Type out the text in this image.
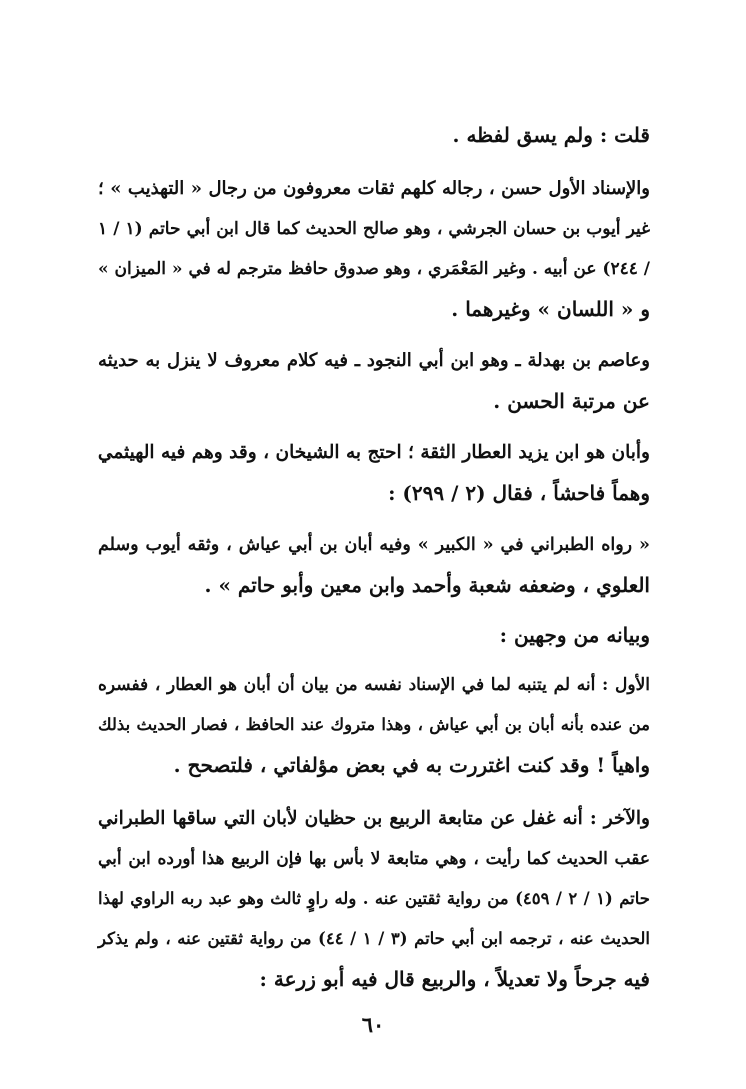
قلت : ولم يسق لفظه .
والإسناد الأول حسن ، رجاله كلهم ثقات معروفون من رجال « التهذيب » ؛
غير أيوب بن حسان الجرشي ، وهو صالح الحديث كما قال ابن أبي حاتم (١ / ١
/ ٢٤٤) عن أبيه . وغير المَعْمَري ، وهو صدوق حافظ مترجم له في « الميزان »
و « اللسان » وغيرهما .
وعاصم بن بهدلة ـ وهو ابن أبي النجود ـ فيه كلام معروف لا ينزل به حديثه
عن مرتبة الحسن .
وأبان هو ابن يزيد العطار الثقة ؛ احتج به الشيخان ، وقد وهم فيه الهيثمي
وهماً فاحشاً ، فقال (٢ / ٢٩٩) :
« رواه الطبراني في « الكبير » وفيه أبان بن أبي عياش ، وثقه أيوب وسلم
العلوي ، وضعفه شعبة وأحمد وابن معين وأبو حاتم » .
وبيانه من وجهين :
الأول : أنه لم يتنبه لما في الإسناد نفسه من بيان أن أبان هو العطار ، ففسره
من عنده بأنه أبان بن أبي عياش ، وهذا متروك عند الحافظ ، فصار الحديث بذلك
واهياً ! وقد كنت اغتررت به في بعض مؤلفاتي ، فلتصحح .
والآخر : أنه غفل عن متابعة الربيع بن حظيان لأبان التي ساقها الطبراني
عقب الحديث كما رأيت ، وهي متابعة لا بأس بها فإن الربيع هذا أورده ابن أبي
حاتم (١ / ٢ / ٤٥٩) من رواية ثقتين عنه . وله راوٍ ثالث وهو عبد ربه الراوي لهذا
الحديث عنه ، ترجمه ابن أبي حاتم (٣ / ١ / ٤٤) من رواية ثقتين عنه ، ولم يذكر
فيه جرحاً ولا تعديلاً ، والربيع قال فيه أبو زرعة :
٦٠
